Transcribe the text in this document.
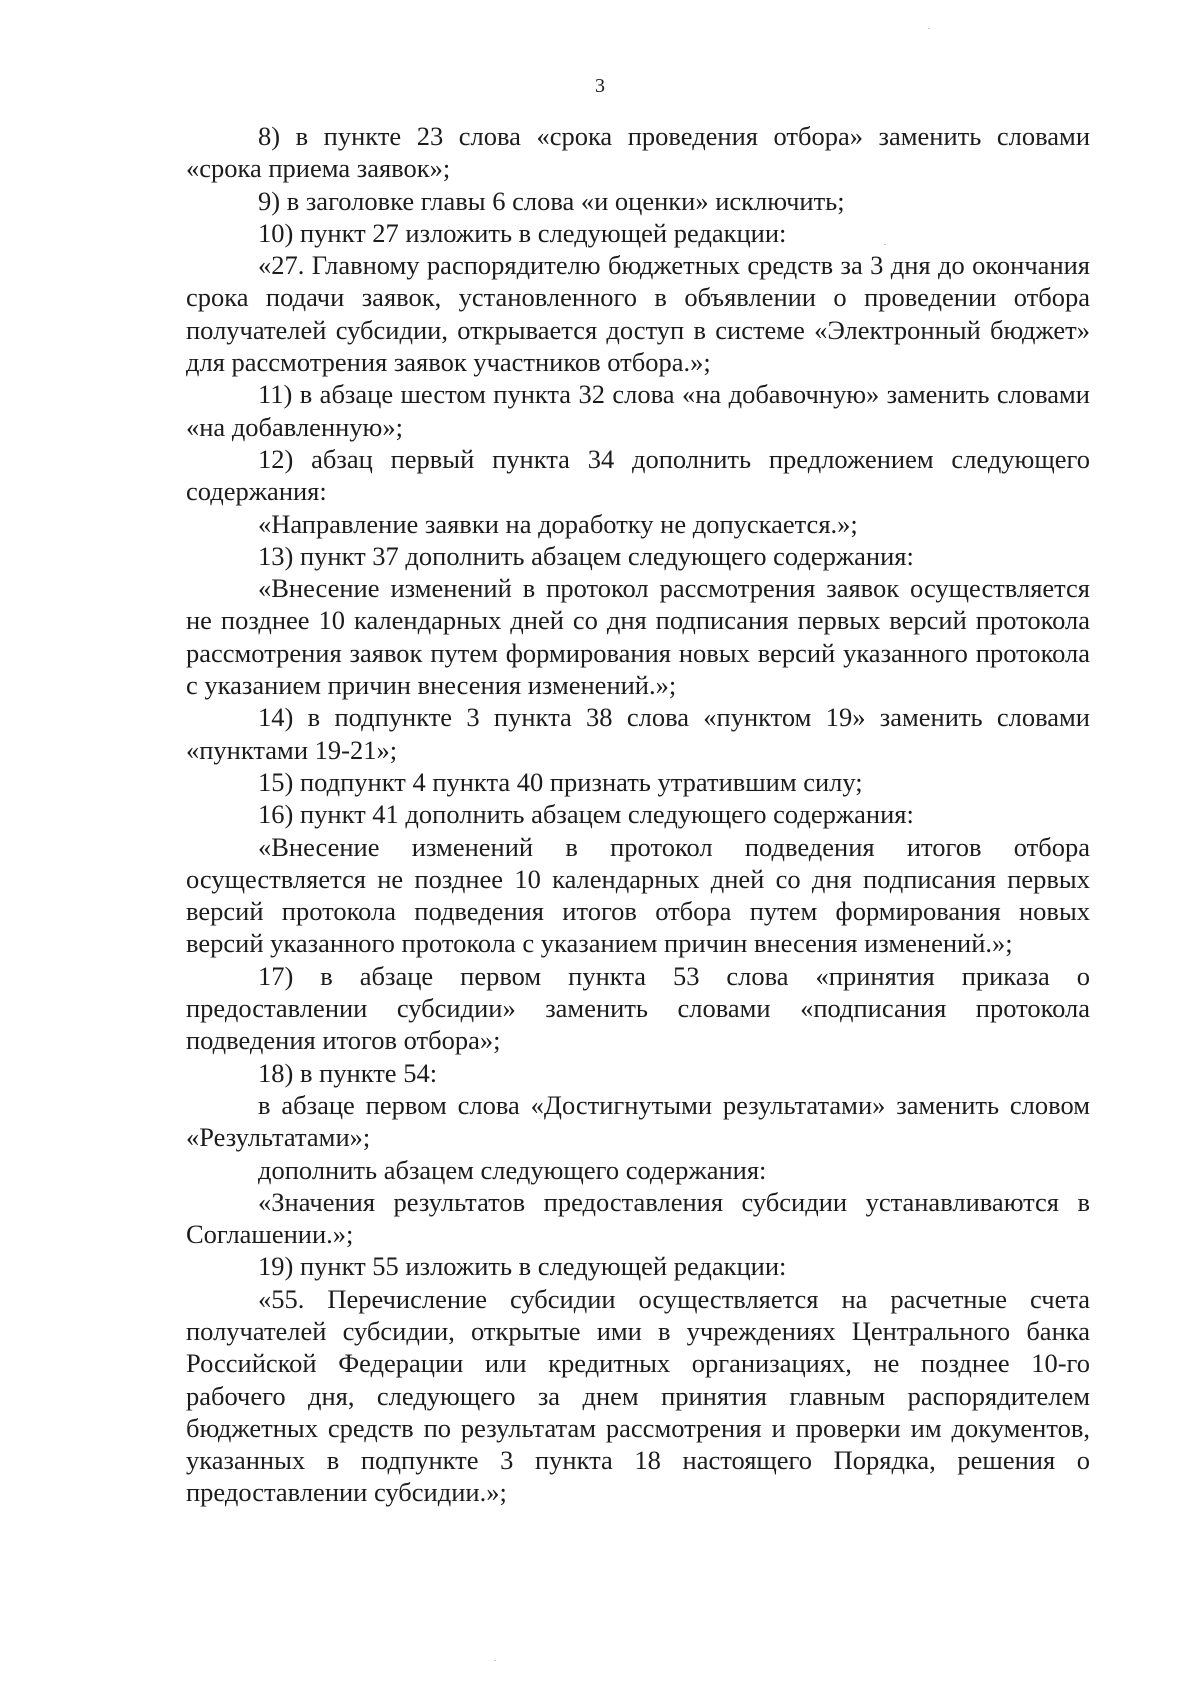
3

8) в пункте 23 слова «срока проведения отбора» заменить словами «срока приема заявок»;

9) в заголовке главы 6 слова «и оценки» исключить;

10) пункт 27 изложить в следующей редакции:

«27. Главному распорядителю бюджетных средств за 3 дня до окончания срока подачи заявок, установленного в объявлении о проведении отбора получателей субсидии, открывается доступ в системе «Электронный бюджет» для рассмотрения заявок участников отбора.»;

11) в абзаце шестом пункта 32 слова «на добавочную» заменить словами «на добавленную»;

12) абзац первый пункта 34 дополнить предложением следующего содержания:

«Направление заявки на доработку не допускается.»;

13) пункт 37 дополнить абзацем следующего содержания:

«Внесение изменений в протокол рассмотрения заявок осуществляется не позднее 10 календарных дней со дня подписания первых версий протокола рассмотрения заявок путем формирования новых версий указанного протокола с указанием причин внесения изменений.»;

14) в подпункте 3 пункта 38 слова «пунктом 19» заменить словами «пунктами 19-21»;

15) подпункт 4 пункта 40 признать утратившим силу;

16) пункт 41 дополнить абзацем следующего содержания:

«Внесение изменений в протокол подведения итогов отбора осуществляется не позднее 10 календарных дней со дня подписания первых версий протокола подведения итогов отбора путем формирования новых версий указанного протокола с указанием причин внесения изменений.»;

17) в абзаце первом пункта 53 слова «принятия приказа о предоставлении субсидии» заменить словами «подписания протокола подведения итогов отбора»;

18) в пункте 54:

в абзаце первом слова «Достигнутыми результатами» заменить словом «Результатами»;

дополнить абзацем следующего содержания:

«Значения результатов предоставления субсидии устанавливаются в Соглашении.»;

19) пункт 55 изложить в следующей редакции:

«55. Перечисление субсидии осуществляется на расчетные счета получателей субсидии, открытые ими в учреждениях Центрального банка Российской Федерации или кредитных организациях, не позднее 10-го рабочего дня, следующего за днем принятия главным распорядителем бюджетных средств по результатам рассмотрения и проверки им документов, указанных в подпункте 3 пункта 18 настоящего Порядка, решения о предоставлении субсидии.»;
